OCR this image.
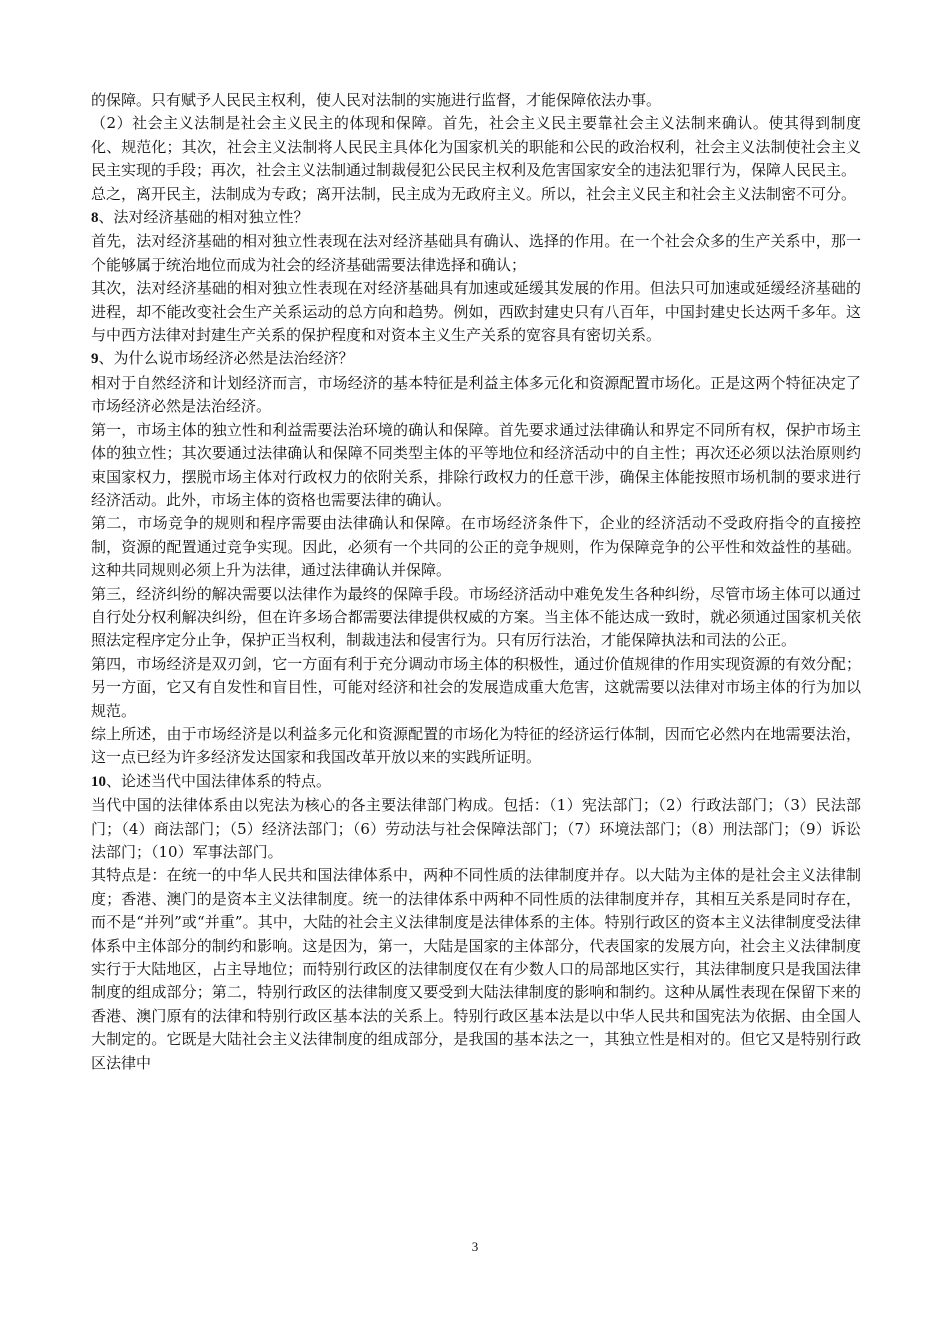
的保障。只有赋予人民民主权利，使人民对法制的实施进行监督，才能保障依法办事。

（2）社会主义法制是社会主义民主的体现和保障。首先，社会主义民主要靠社会主义法制来确认。使其得到制度化、规范化；其次，社会主义法制将人民民主具体化为国家机关的职能和公民的政治权利，社会主义法制使社会主义民主实现的手段；再次，社会主义法制通过制裁侵犯公民民主权利及危害国家安全的违法犯罪行为，保障人民民主。

总之，离开民主，法制成为专政；离开法制，民主成为无政府主义。所以，社会主义民主和社会主义法制密不可分。

8、法对经济基础的相对独立性？

首先，法对经济基础的相对独立性表现在法对经济基础具有确认、选择的作用。在一个社会众多的生产关系中，那一个能够属于统治地位而成为社会的经济基础需要法律选择和确认；

其次，法对经济基础的相对独立性表现在对经济基础具有加速或延缓其发展的作用。但法只可加速或延缓经济基础的进程，却不能改变社会生产关系运动的总方向和趋势。例如，西欧封建史只有八百年，中国封建史长达两千多年。这与中西方法律对封建生产关系的保护程度和对资本主义生产关系的宽容具有密切关系。

9、为什么说市场经济必然是法治经济？

相对于自然经济和计划经济而言，市场经济的基本特征是利益主体多元化和资源配置市场化。正是这两个特征决定了市场经济必然是法治经济。

第一，市场主体的独立性和利益需要法治环境的确认和保障。首先要求通过法律确认和界定不同所有权，保护市场主体的独立性；其次要通过法律确认和保障不同类型主体的平等地位和经济活动中的自主性；再次还必须以法治原则约束国家权力，摆脱市场主体对行政权力的依附关系，排除行政权力的任意干涉，确保主体能按照市场机制的要求进行经济活动。此外，市场主体的资格也需要法律的确认。

第二，市场竞争的规则和程序需要由法律确认和保障。在市场经济条件下，企业的经济活动不受政府指令的直接控制，资源的配置通过竞争实现。因此，必须有一个共同的公正的竞争规则，作为保障竞争的公平性和效益性的基础。这种共同规则必须上升为法律，通过法律确认并保障。

第三，经济纠纷的解决需要以法律作为最终的保障手段。市场经济活动中难免发生各种纠纷，尽管市场主体可以通过自行处分权利解决纠纷，但在许多场合都需要法律提供权威的方案。当主体不能达成一致时，就必须通过国家机关依照法定程序定分止争，保护正当权利，制裁违法和侵害行为。只有厉行法治，才能保障执法和司法的公正。

第四，市场经济是双刃剑，它一方面有利于充分调动市场主体的积极性，通过价值规律的作用实现资源的有效分配；另一方面，它又有自发性和盲目性，可能对经济和社会的发展造成重大危害，这就需要以法律对市场主体的行为加以规范。

综上所述，由于市场经济是以利益多元化和资源配置的市场化为特征的经济运行体制，因而它必然内在地需要法治，这一点已经为许多经济发达国家和我国改革开放以来的实践所证明。

10、论述当代中国法律体系的特点。

当代中国的法律体系由以宪法为核心的各主要法律部门构成。包括：（1）宪法部门；（2）行政法部门；（3）民法部门；（4）商法部门；（5）经济法部门；（6）劳动法与社会保障法部门；（7）环境法部门；（8）刑法部门；（9）诉讼法部门；（10）军事法部门。

其特点是：在统一的中华人民共和国法律体系中，两种不同性质的法律制度并存。以大陆为主体的是社会主义法律制度；香港、澳门的是资本主义法律制度。统一的法律体系中两种不同性质的法律制度并存，其相互关系是同时存在，而不是“并列”或“并重”。其中，大陆的社会主义法律制度是法律体系的主体。特别行政区的资本主义法律制度受法律体系中主体部分的制约和影响。这是因为，第一，大陆是国家的主体部分，代表国家的发展方向，社会主义法律制度实行于大陆地区，占主导地位；而特别行政区的法律制度仅在有少数人口的局部地区实行，其法律制度只是我国法律制度的组成部分；第二，特别行政区的法律制度又要受到大陆法律制度的影响和制约。这种从属性表现在保留下来的香港、澳门原有的法律和特别行政区基本法的关系上。特别行政区基本法是以中华人民共和国宪法为依据、由全国人大制定的。它既是大陆社会主义法律制度的组成部分，是我国的基本法之一，其独立性是相对的。但它又是特别行政区法律中

3
